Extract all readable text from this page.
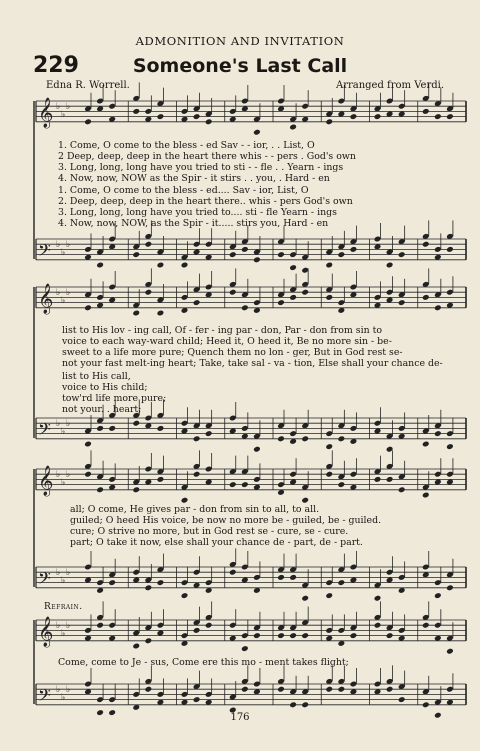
ADMONITION AND INVITATION
229	Someone's Last Call
Edna R. Worrell.	Arranged from Verdi.
𝄞 ♭
♭
♭
𝄢 ♭
♭
♭
𝄞 ♭
♭
♭
𝄢 ♭
♭
♭
𝄞 ♭
♭
♭
𝄢 ♭
♭
♭
𝄞 ♭
♭
♭
𝄢 ♭
♭
♭
1. Come, O come to the bless - ed Sav - - ior, . . List, O
2 Deep, deep, deep in the heart there whis - - pers . God's own
3. Long, long, long have you tried to sti - - fle . . Yearn - ings
4. Now, now, NOW as the Spir - it stirs . . you, . Hard - en
1. Come, O come to the bless - ed.... Sav - ior, List, O
2. Deep, deep, deep in the heart there.. whis - pers God's own
3. Long, long, long have you tried to.... sti - fle Yearn - ings
4. Now, now, NOW, as the Spir - it..... stirs you, Hard - en
list to His lov - ing call, Of - fer - ing par - don, Par - don from sin to
voice to each way-ward child; Heed it, O heed it, Be no more sin - be-
sweet to a life more pure; Quench them no lon - ger, But in God rest se-
not your fast melt-ing heart; Take, take sal - va - tion, Else shall your chance de-
list to His call,
voice to His child;
tow'rd life more pure;
not your. . heart;
all; O come, He gives par - don from sin to all, to all.
guiled; O heed His voice, be now no more be - guiled, be - guiled.
cure; O strive no more, but in God rest se - cure, se - cure.
part; O take it now, else shall your chance de - part, de - part.
Refrain.
Come, come to Je - sus, Come ere this mo - ment takes flight;
176
